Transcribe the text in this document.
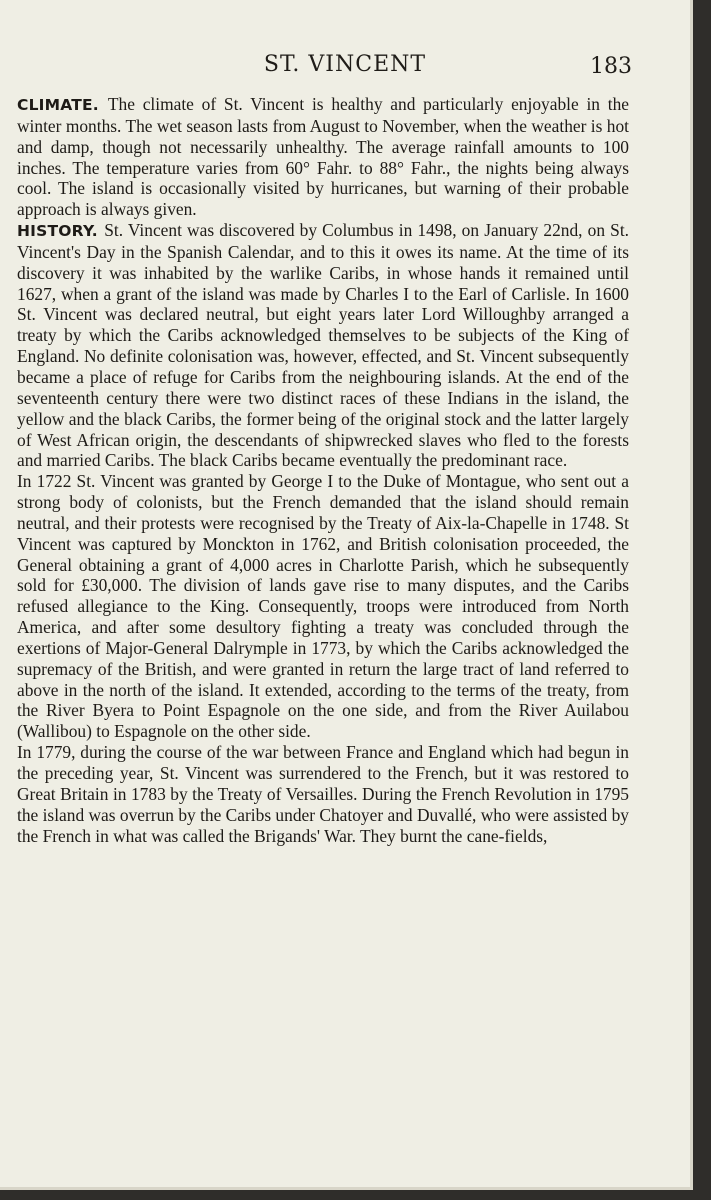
ST. VINCENT	183

CLIMATE. The climate of St. Vincent is healthy and particularly enjoyable in the winter months. The wet season lasts from August to November, when the weather is hot and damp, though not necessarily unhealthy. The average rainfall amounts to 100 inches. The temperature varies from 60° Fahr. to 88° Fahr., the nights being always cool. The island is occasionally visited by hurricanes, but warning of their probable approach is always given.

HISTORY. St. Vincent was discovered by Columbus in 1498, on January 22nd, on St. Vincent's Day in the Spanish Calendar, and to this it owes its name. At the time of its discovery it was inhabited by the warlike Caribs, in whose hands it remained until 1627, when a grant of the island was made by Charles I to the Earl of Carlisle. In 1600 St. Vincent was declared neutral, but eight years later Lord Willoughby arranged a treaty by which the Caribs acknowledged themselves to be subjects of the King of England. No definite colonisation was, however, effected, and St. Vincent subsequently became a place of refuge for Caribs from the neighbouring islands. At the end of the seventeenth century there were two distinct races of these Indians in the island, the yellow and the black Caribs, the former being of the original stock and the latter largely of West African origin, the descendants of shipwrecked slaves who fled to the forests and married Caribs. The black Caribs became eventually the predominant race.

In 1722 St. Vincent was granted by George I to the Duke of Montague, who sent out a strong body of colonists, but the French demanded that the island should remain neutral, and their protests were recognised by the Treaty of Aix-la-Chapelle in 1748. St Vincent was captured by Monckton in 1762, and British colonisation proceeded, the General obtaining a grant of 4,000 acres in Charlotte Parish, which he subsequently sold for £30,000. The division of lands gave rise to many disputes, and the Caribs refused allegiance to the King. Consequently, troops were introduced from North America, and after some desultory fighting a treaty was concluded through the exertions of Major-General Dalrymple in 1773, by which the Caribs acknowledged the supremacy of the British, and were granted in return the large tract of land referred to above in the north of the island. It extended, according to the terms of the treaty, from the River Byera to Point Espagnole on the one side, and from the River Auilabou (Wallibou) to Espagnole on the other side.

In 1779, during the course of the war between France and England which had begun in the preceding year, St. Vincent was surrendered to the French, but it was restored to Great Britain in 1783 by the Treaty of Versailles. During the French Revolution in 1795 the island was overrun by the Caribs under Chatoyer and Duvallé, who were assisted by the French in what was called the Brigands' War. They burnt the cane-fields,
